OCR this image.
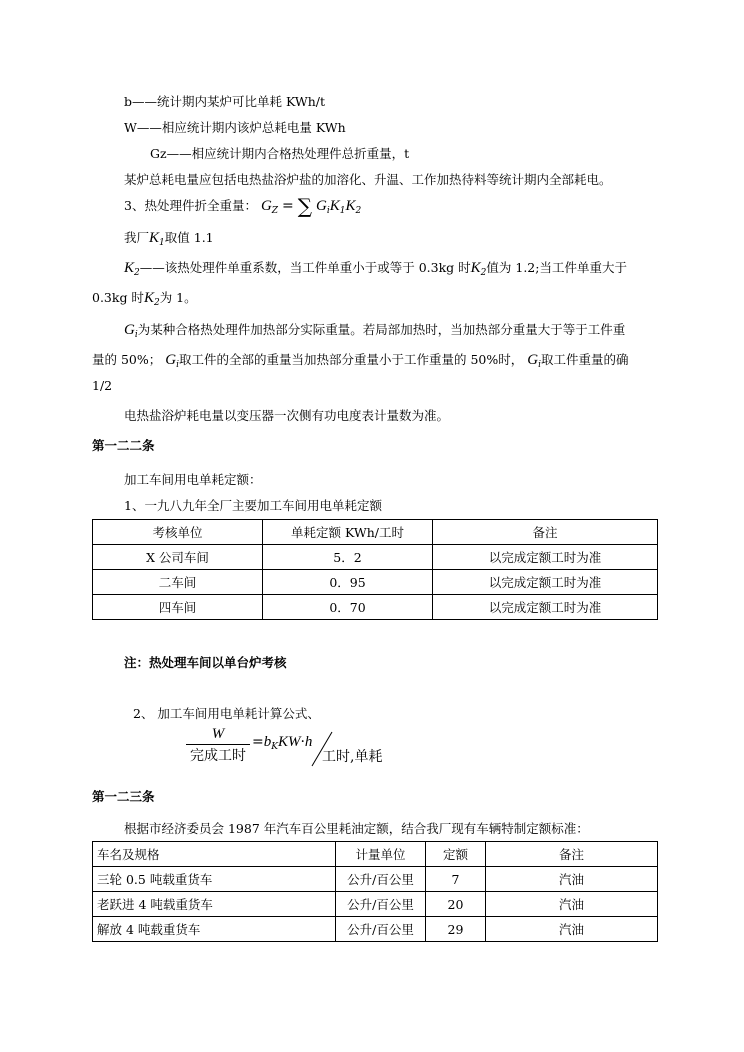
b——统计期内某炉可比单耗 KWh/t
W——相应统计期内该炉总耗电量 KWh
Gz——相应统计期内合格热处理件总折重量，t
某炉总耗电量应包括电热盐浴炉盐的加溶化、升温、工作加热待料等统计期内全部耗电。
3、热处理件折全重量： $G_Z$ = ∑ $G_iK_1K_2$
我厂$K_1$取值 1.1
$K_2——$该热处理件单重系数，当工件单重小于或等于 0.3kg 时$K_2$值为 1.2;当工件单重大于
0.3kg 时$K_2$为 1。
$G_i$为某种合格热处理件加热部分实际重量。若局部加热时，当加热部分重量大于等于工件重
量的 50%； $G_i$取工件的全部的重量当加热部分重量小于工作重量的 50%时， $G_i$取工件重量的确
1/2
电热盐浴炉耗电量以变压器一次侧有功电度表计量数为准。
第一二二条
加工车间用电单耗定额：
1、一九八九年全厂主要加工车间用电单耗定额
考核单位	单耗定额 KWh/工时	备注
X 公司车间	5．2	以完成定额工时为准
二车间	0．95	以完成定额工时为准
四车间	0．70	以完成定额工时为准
注：热处理车间以单台炉考核
2、 加工车间用电单耗计算公式、
W
完成工时
$=b_KKW\cdot h$
工时,单耗
第一二三条
根据市经济委员会 1987 年汽车百公里耗油定额，结合我厂现有车辆特制定额标准：
车名及规格	计量单位	定额	备注
三轮 0.5 吨载重货车	公升/百公里	7	汽油
老跃进 4 吨载重货车	公升/百公里	20	汽油
解放 4 吨载重货车	公升/百公里	29	汽油
